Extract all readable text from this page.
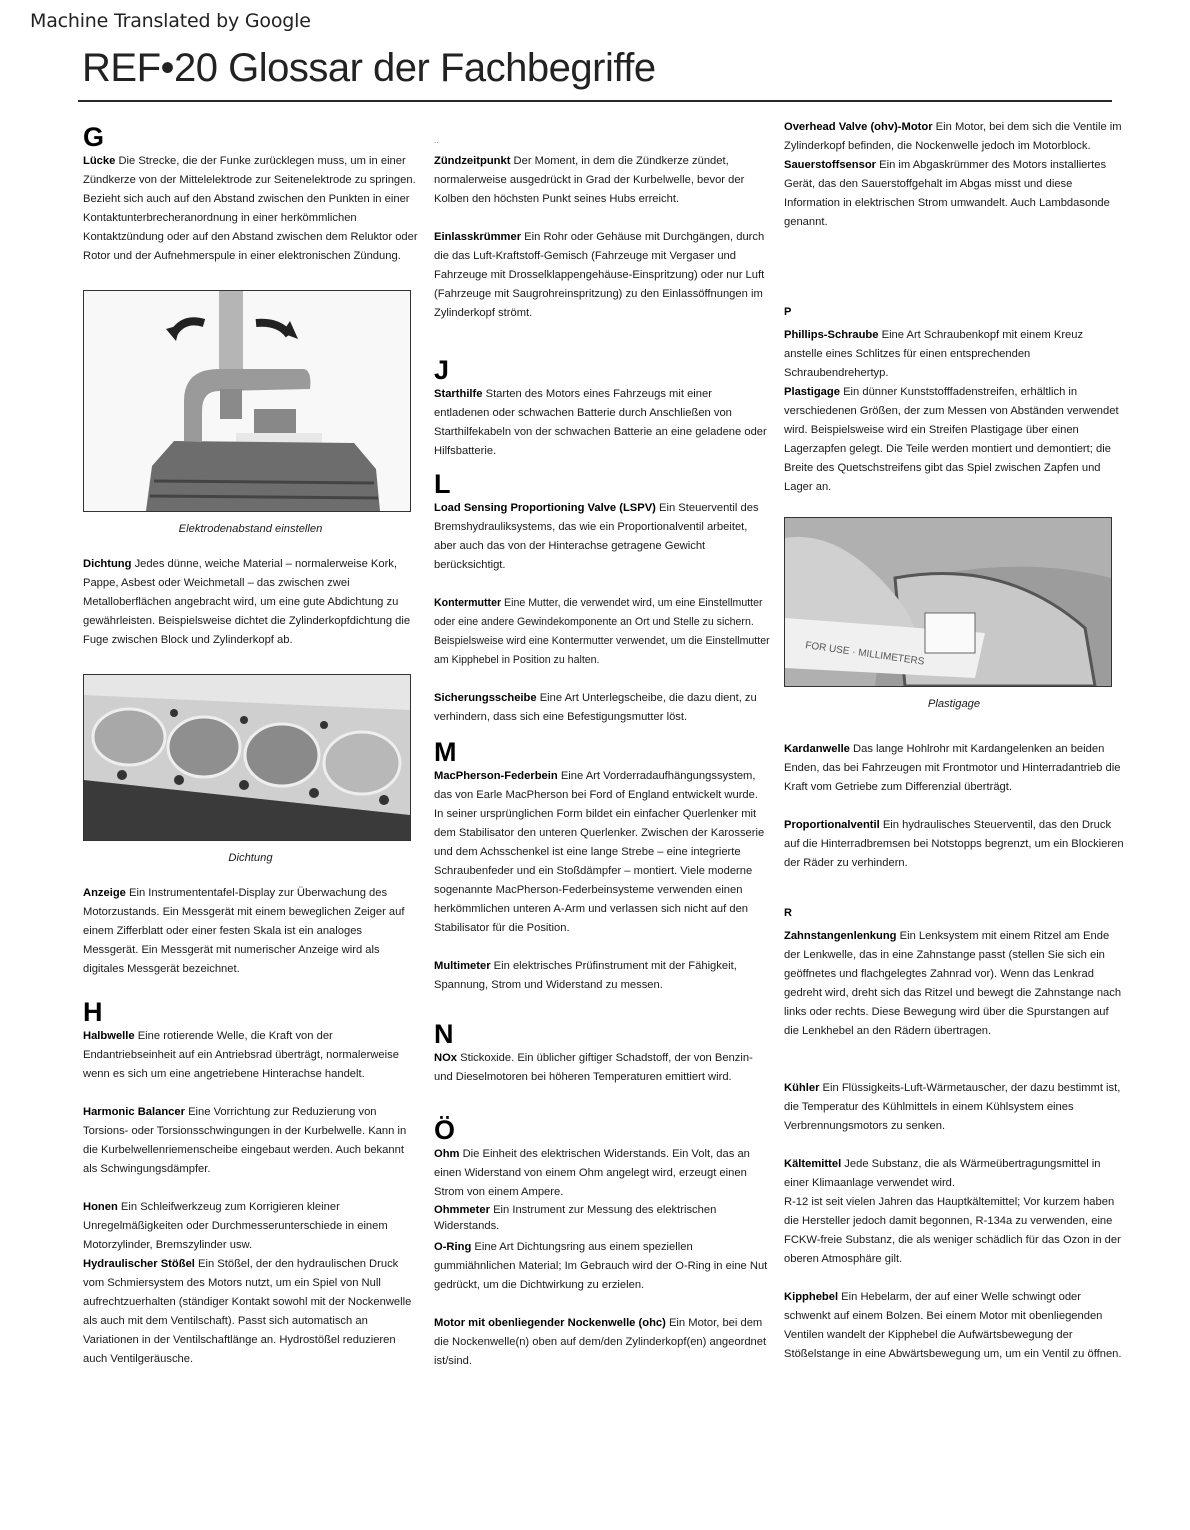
Machine Translated by Google
REF•20 Glossar der Fachbegriffe
G

Lücke Die Strecke, die der Funke zurücklegen muss, um in einer Zündkerze von der Mittelelektrode zur Seitenelektrode zu springen. Bezieht sich auch auf den Abstand zwischen den Punkten in einer Kontaktunterbrecheranordnung in einer herkömmlichen Kontaktzündung oder auf den Abstand zwischen dem Reluktor oder Rotor und der Aufnehmerspule in einer elektronischen Zündung.

Elektrodenabstand einstellen

Dichtung Jedes dünne, weiche Material – normalerweise Kork, Pappe, Asbest oder Weichmetall – das zwischen zwei Metalloberflächen angebracht wird, um eine gute Abdichtung zu gewährleisten. Beispielsweise dichtet die Zylinderkopfdichtung die Fuge zwischen Block und Zylinderkopf ab.

Dichtung

Anzeige Ein Instrumententafel-Display zur Überwachung des Motorzustands. Ein Messgerät mit einem beweglichen Zeiger auf einem Zifferblatt oder einer festen Skala ist ein analoges Messgerät. Ein Messgerät mit numerischer Anzeige wird als digitales Messgerät bezeichnet.

H

Halbwelle Eine rotierende Welle, die Kraft von der Endantriebseinheit auf ein Antriebsrad überträgt, normalerweise wenn es sich um eine angetriebene Hinterachse handelt.

Harmonic Balancer Eine Vorrichtung zur Reduzierung von Torsions- oder Torsionsschwingungen in der Kurbelwelle. Kann in die Kurbelwellenriemenscheibe eingebaut werden. Auch bekannt als Schwingungsdämpfer.

Honen Ein Schleifwerkzeug zum Korrigieren kleiner Unregelmäßigkeiten oder Durchmesserunterschiede in einem Motorzylinder, Bremszylinder usw.

Hydraulischer Stößel Ein Stößel, der den hydraulischen Druck vom Schmiersystem des Motors nutzt, um ein Spiel von Null aufrechtzuerhalten (ständiger Kontakt sowohl mit der Nockenwelle als auch mit dem Ventilschaft). Passt sich automatisch an Variationen in der Ventilschaftlänge an. Hydrostößel reduzieren auch Ventilgeräusche.

..

Zündzeitpunkt Der Moment, in dem die Zündkerze zündet, normalerweise ausgedrückt in Grad der Kurbelwelle, bevor der Kolben den höchsten Punkt seines Hubs erreicht.

Einlasskrümmer Ein Rohr oder Gehäuse mit Durchgängen, durch die das Luft-Kraftstoff-Gemisch (Fahrzeuge mit Vergaser und Fahrzeuge mit Drosselklappengehäuse-Einspritzung) oder nur Luft (Fahrzeuge mit Saugrohreinspritzung) zu den Einlassöffnungen im Zylinderkopf strömt.

J

Starthilfe Starten des Motors eines Fahrzeugs mit einer entladenen oder schwachen Batterie durch Anschließen von Starthilfekabeln von der schwachen Batterie an eine geladene oder Hilfsbatterie.

L

Load Sensing Proportioning Valve (LSPV) Ein Steuerventil des Bremshydrauliksystems, das wie ein Proportionalventil arbeitet, aber auch das von der Hinterachse getragene Gewicht berücksichtigt.

Kontermutter Eine Mutter, die verwendet wird, um eine Einstellmutter oder eine andere Gewindekomponente an Ort und Stelle zu sichern. Beispielsweise wird eine Kontermutter verwendet, um die Einstellmutter am Kipphebel in Position zu halten.

Sicherungsscheibe Eine Art Unterlegscheibe, die dazu dient, zu verhindern, dass sich eine Befestigungsmutter löst.

M

MacPherson-Federbein Eine Art Vorderradaufhängungssystem, das von Earle MacPherson bei Ford of England entwickelt wurde. In seiner ursprünglichen Form bildet ein einfacher Querlenker mit dem Stabilisator den unteren Querlenker. Zwischen der Karosserie und dem Achsschenkel ist eine lange Strebe – eine integrierte Schraubenfeder und ein Stoßdämpfer – montiert. Viele moderne sogenannte MacPherson-Federbeinsysteme verwenden einen herkömmlichen unteren A-Arm und verlassen sich nicht auf den Stabilisator für die Position.

Multimeter Ein elektrisches Prüfinstrument mit der Fähigkeit, Spannung, Strom und Widerstand zu messen.

N

NOx Stickoxide. Ein üblicher giftiger Schadstoff, der von Benzin- und Dieselmotoren bei höheren Temperaturen emittiert wird.

Ö

Ohm Die Einheit des elektrischen Widerstands. Ein Volt, das an einen Widerstand von einem Ohm angelegt wird, erzeugt einen Strom von einem Ampere.

Ohmmeter Ein Instrument zur Messung des elektrischen Widerstands.

O-Ring Eine Art Dichtungsring aus einem speziellen gummiähnlichen Material; Im Gebrauch wird der O-Ring in eine Nut gedrückt, um die Dichtwirkung zu erzielen.

Motor mit obenliegender Nockenwelle (ohc) Ein Motor, bei dem die Nockenwelle(n) oben auf dem/den Zylinderkopf(en) angeordnet ist/sind.

Overhead Valve (ohv)-Motor Ein Motor, bei dem sich die Ventile im Zylinderkopf befinden, die Nockenwelle jedoch im Motorblock.

Sauerstoffsensor Ein im Abgaskrümmer des Motors installiertes Gerät, das den Sauerstoffgehalt im Abgas misst und diese Information in elektrischen Strom umwandelt. Auch Lambdasonde genannt.

P

Phillips-Schraube Eine Art Schraubenkopf mit einem Kreuz anstelle eines Schlitzes für einen entsprechenden Schraubendrehertyp.

Plastigage Ein dünner Kunststofffadenstreifen, erhältlich in verschiedenen Größen, der zum Messen von Abständen verwendet wird. Beispielsweise wird ein Streifen Plastigage über einen Lagerzapfen gelegt. Die Teile werden montiert und demontiert; die Breite des Quetschstreifens gibt das Spiel zwischen Zapfen und Lager an.

FOR USE · MILLIMETERS
Plastigage

Kardanwelle Das lange Hohlrohr mit Kardangelenken an beiden Enden, das bei Fahrzeugen mit Frontmotor und Hinterradantrieb die Kraft vom Getriebe zum Differenzial überträgt.

Proportionalventil Ein hydraulisches Steuerventil, das den Druck auf die Hinterradbremsen bei Notstopps begrenzt, um ein Blockieren der Räder zu verhindern.

R

Zahnstangenlenkung Ein Lenksystem mit einem Ritzel am Ende der Lenkwelle, das in eine Zahnstange passt (stellen Sie sich ein geöffnetes und flachgelegtes Zahnrad vor). Wenn das Lenkrad gedreht wird, dreht sich das Ritzel und bewegt die Zahnstange nach links oder rechts. Diese Bewegung wird über die Spurstangen auf die Lenkhebel an den Rädern übertragen.

Kühler Ein Flüssigkeits-Luft-Wärmetauscher, der dazu bestimmt ist, die Temperatur des Kühlmittels in einem Kühlsystem eines Verbrennungsmotors zu senken.

Kältemittel Jede Substanz, die als Wärmeübertragungsmittel in einer Klimaanlage verwendet wird.

R-12 ist seit vielen Jahren das Hauptkältemittel; Vor kurzem haben die Hersteller jedoch damit begonnen, R-134a zu verwenden, eine FCKW-freie Substanz, die als weniger schädlich für das Ozon in der oberen Atmosphäre gilt.

Kipphebel Ein Hebelarm, der auf einer Welle schwingt oder schwenkt auf einem Bolzen. Bei einem Motor mit obenliegenden Ventilen wandelt der Kipphebel die Aufwärtsbewegung der Stößelstange in eine Abwärtsbewegung um, um ein Ventil zu öffnen.
